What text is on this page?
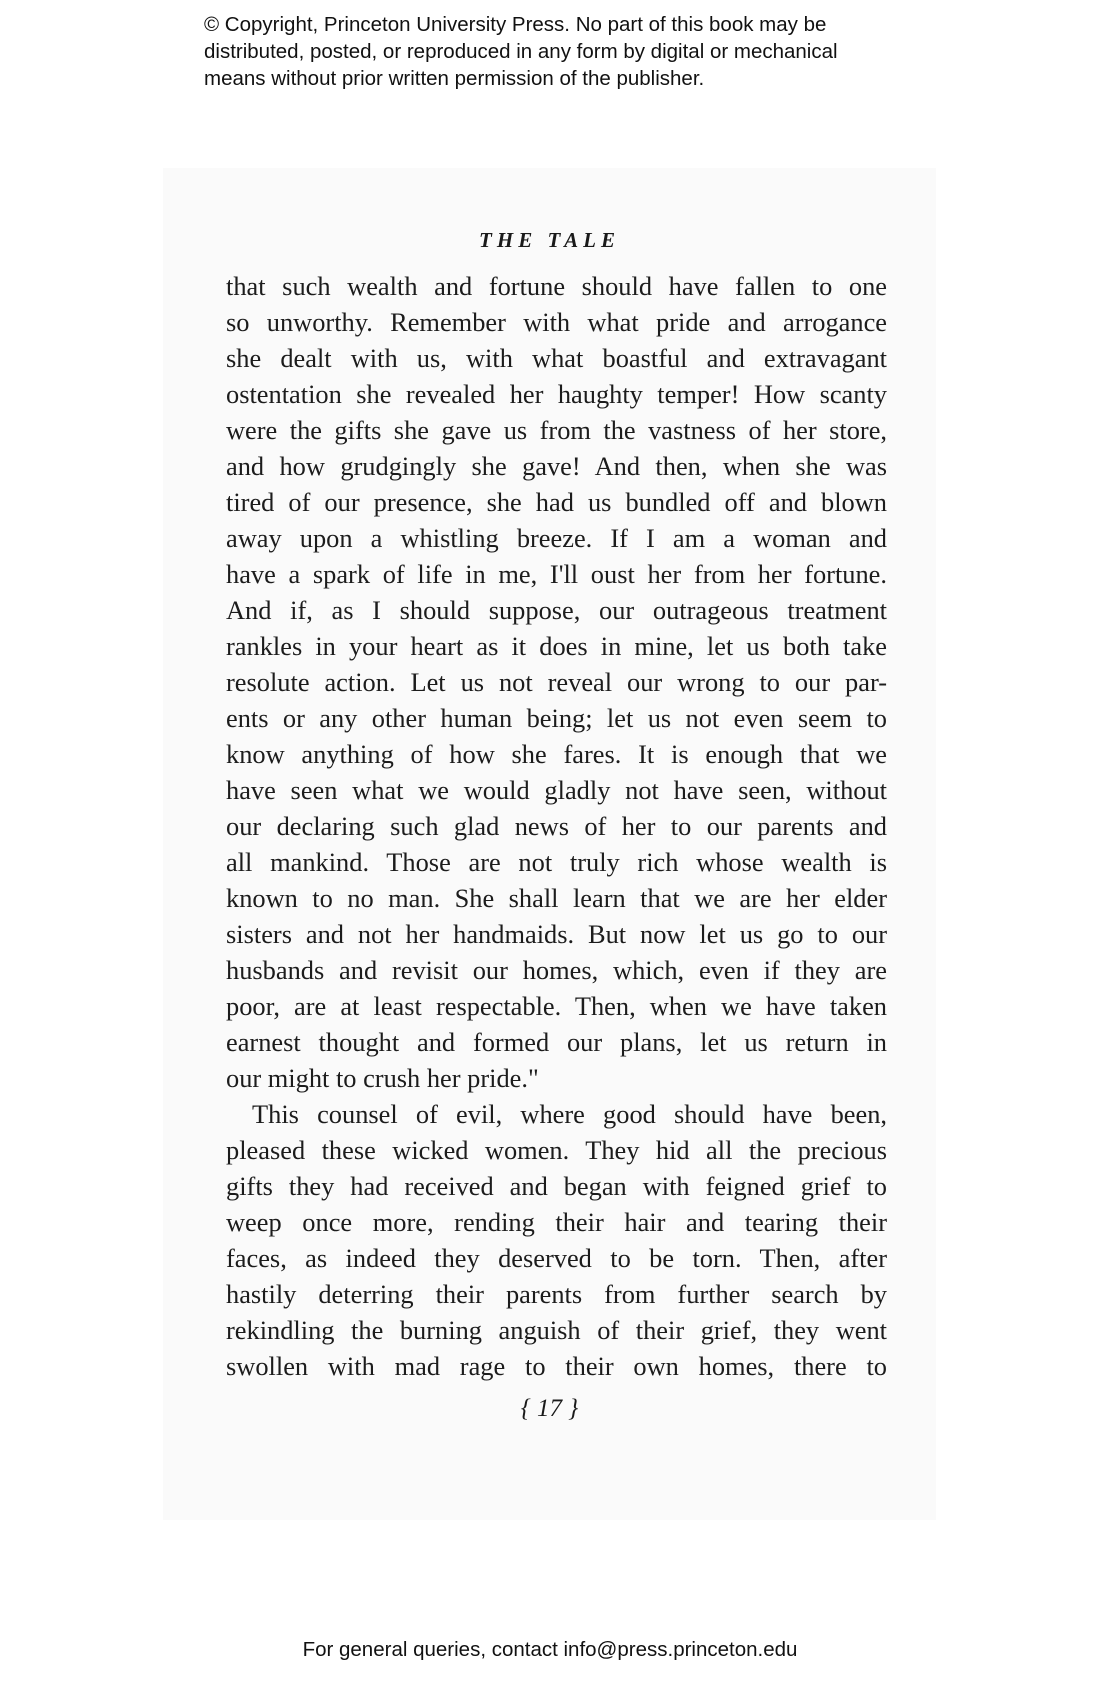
© Copyright, Princeton University Press. No part of this book may be
distributed, posted, or reproduced in any form by digital or mechanical
means without prior written permission of the publisher.
THE TALE
that such wealth and fortune should have fallen to one
so unworthy. Remember with what pride and arrogance
she dealt with us, with what boastful and extravagant
ostentation she revealed her haughty temper! How scanty
were the gifts she gave us from the vastness of her store,
and how grudgingly she gave! And then, when she was
tired of our presence, she had us bundled off and blown
away upon a whistling breeze. If I am a woman and
have a spark of life in me, I'll oust her from her fortune.
And if, as I should suppose, our outrageous treatment
rankles in your heart as it does in mine, let us both take
resolute action. Let us not reveal our wrong to our par-
ents or any other human being; let us not even seem to
know anything of how she fares. It is enough that we
have seen what we would gladly not have seen, without
our declaring such glad news of her to our parents and
all mankind. Those are not truly rich whose wealth is
known to no man. She shall learn that we are her elder
sisters and not her handmaids. But now let us go to our
husbands and revisit our homes, which, even if they are
poor, are at least respectable. Then, when we have taken
earnest thought and formed our plans, let us return in
our might to crush her pride."
This counsel of evil, where good should have been,
pleased these wicked women. They hid all the precious
gifts they had received and began with feigned grief to
weep once more, rending their hair and tearing their
faces, as indeed they deserved to be torn. Then, after
hastily deterring their parents from further search by
rekindling the burning anguish of their grief, they went
swollen with mad rage to their own homes, there to
{ 17 }
For general queries, contact info@press.princeton.edu
